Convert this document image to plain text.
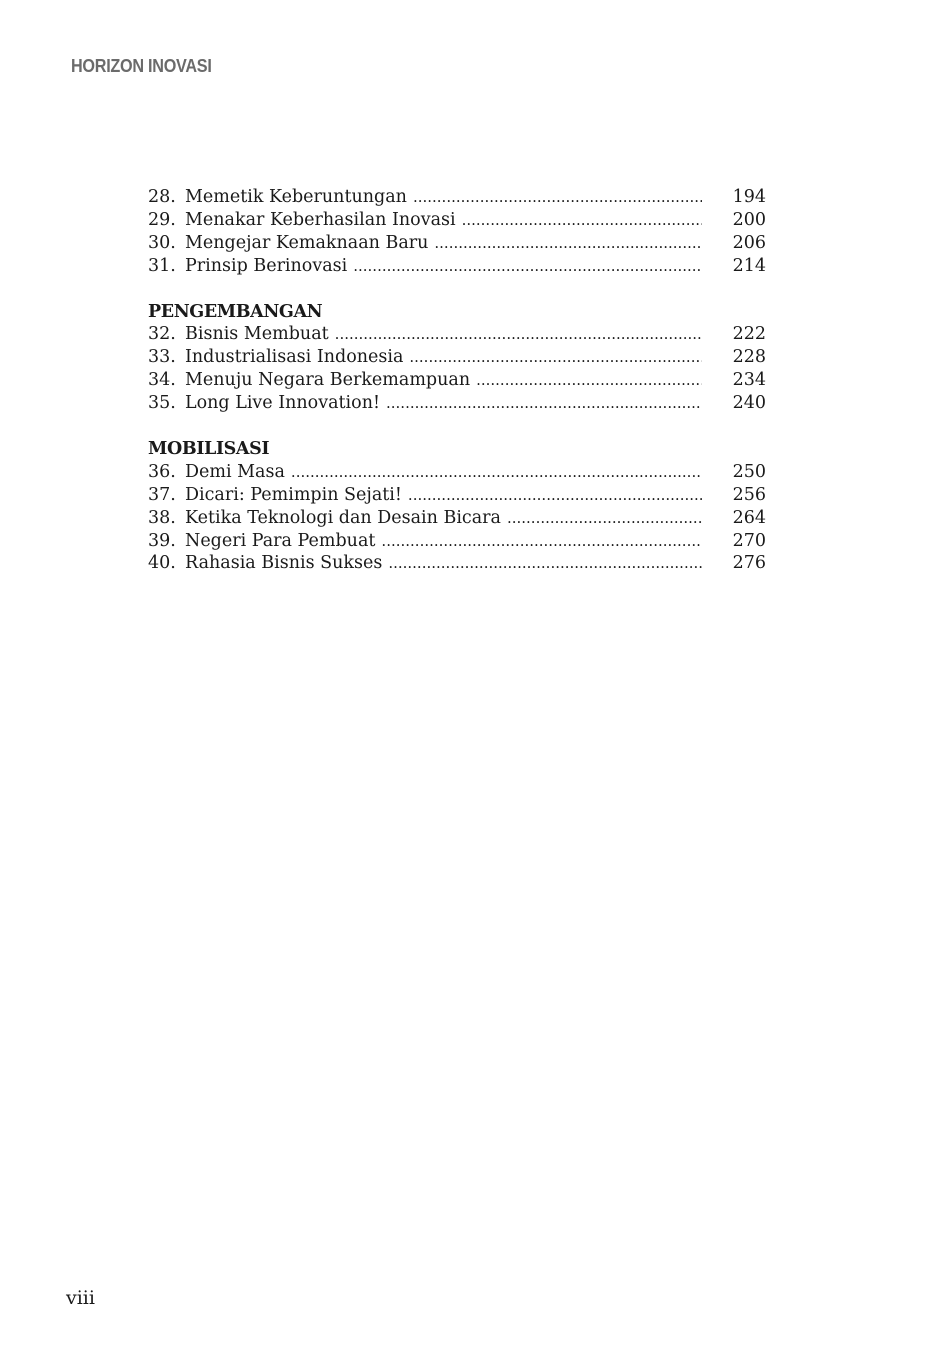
HORIZON INOVASI
28. Memetik Keberuntungan .....	194
29. Menakar Keberhasilan Inovasi .....	200
30. Mengejar Kemaknaan Baru .....	206
31. Prinsip Berinovasi .....	214
PENGEMBANGAN
32. Bisnis Membuat .....	222
33. Industrialisasi Indonesia .....	228
34. Menuju Negara Berkemampuan .....	234
35. Long Live Innovation! .....	240
MOBILISASI
36. Demi Masa .....	250
37. Dicari: Pemimpin Sejati! .....	256
38. Ketika Teknologi dan Desain Bicara .....	264
39. Negeri Para Pembuat .....	270
40. Rahasia Bisnis Sukses .....	276
viii
